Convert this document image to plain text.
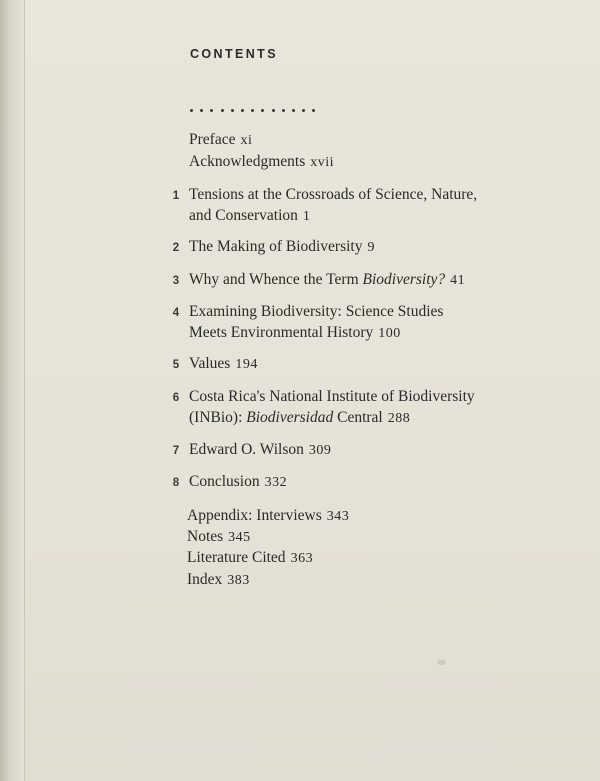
CONTENTS
Preface xi
Acknowledgments xvii
1 Tensions at the Crossroads of Science, Nature,
and Conservation 1
2 The Making of Biodiversity 9
3 Why and Whence the Term Biodiversity? 41
4 Examining Biodiversity: Science Studies
Meets Environmental History 100
5 Values 194
6 Costa Rica's National Institute of Biodiversity
(INBio): Biodiversidad Central 288
7 Edward O. Wilson 309
8 Conclusion 332
Appendix: Interviews 343
Notes 345
Literature Cited 363
Index 383
